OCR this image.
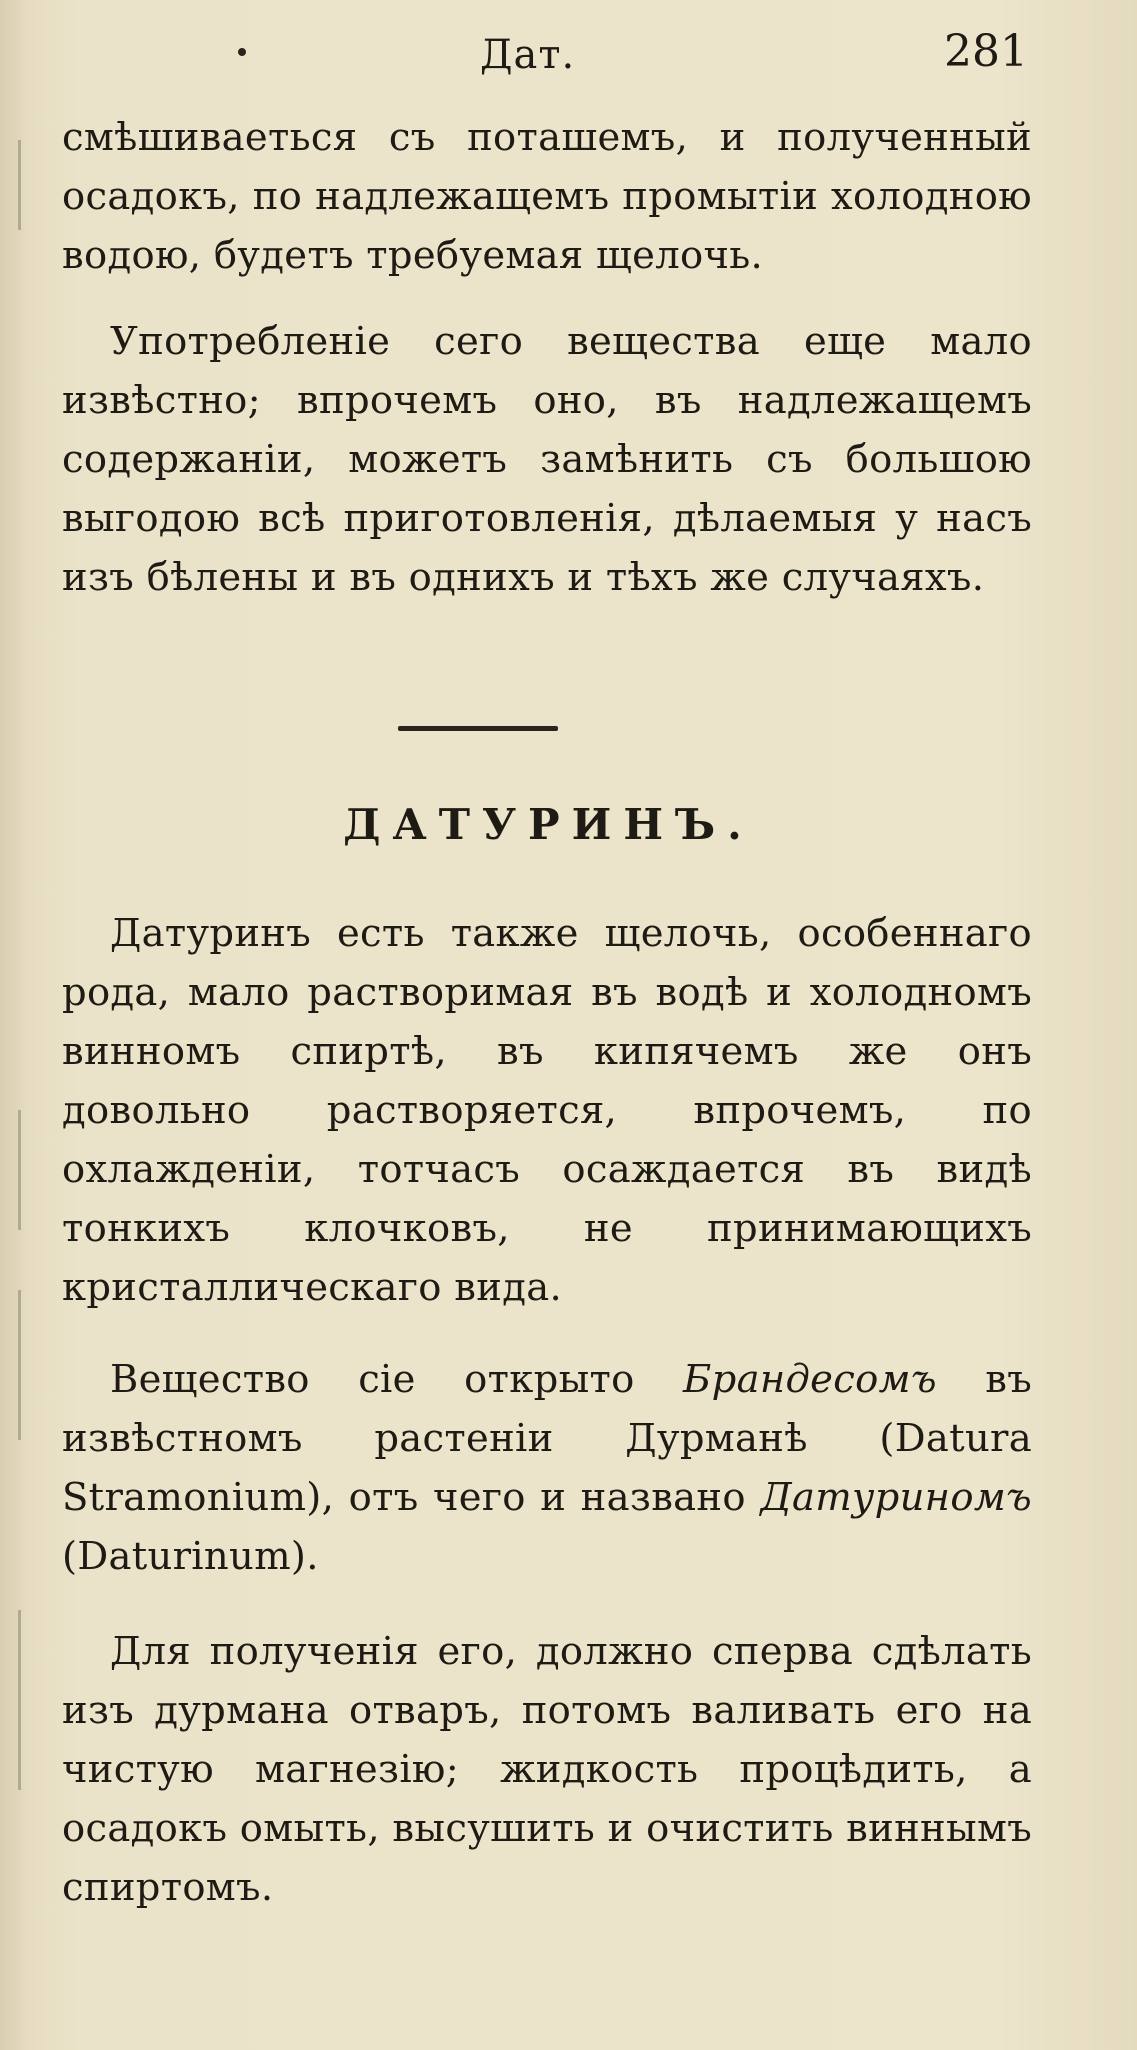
Дат.	281

смѣшиваеться съ поташемъ, и полученный осадокъ, по надлежащемъ промытіи холодною водою, будетъ требуемая щелочь.

Употребленіе сего вещества еще мало извѣстно; впрочемъ оно, въ надлежащемъ содержаніи, можетъ замѣнить съ большою выгодою всѣ приготовленія, дѣлаемыя у насъ изъ бѣлены и въ однихъ и тѣхъ же случаяхъ.

ДАТУРИНЪ.

Датуринъ есть также щелочь, особеннаго рода, мало растворимая въ водѣ и холодномъ винномъ спиртѣ, въ кипячемъ же онъ довольно растворяется, впрочемъ, по охлажденіи, тотчасъ осаждается въ видѣ тонкихъ клочковъ, не принимающихъ кристаллическаго вида.

Вещество сіе открыто Брандесомъ въ извѣстномъ растеніи Дурманѣ (Datura Stramonium), отъ чего и названо Датуриномъ (Daturinum).

Для полученія его, должно сперва сдѣлать изъ дурмана отваръ, потомъ валивать его на чистую магнезію; жидкость процѣдить, а осадокъ омыть, высушить и очистить виннымъ спиртомъ.
